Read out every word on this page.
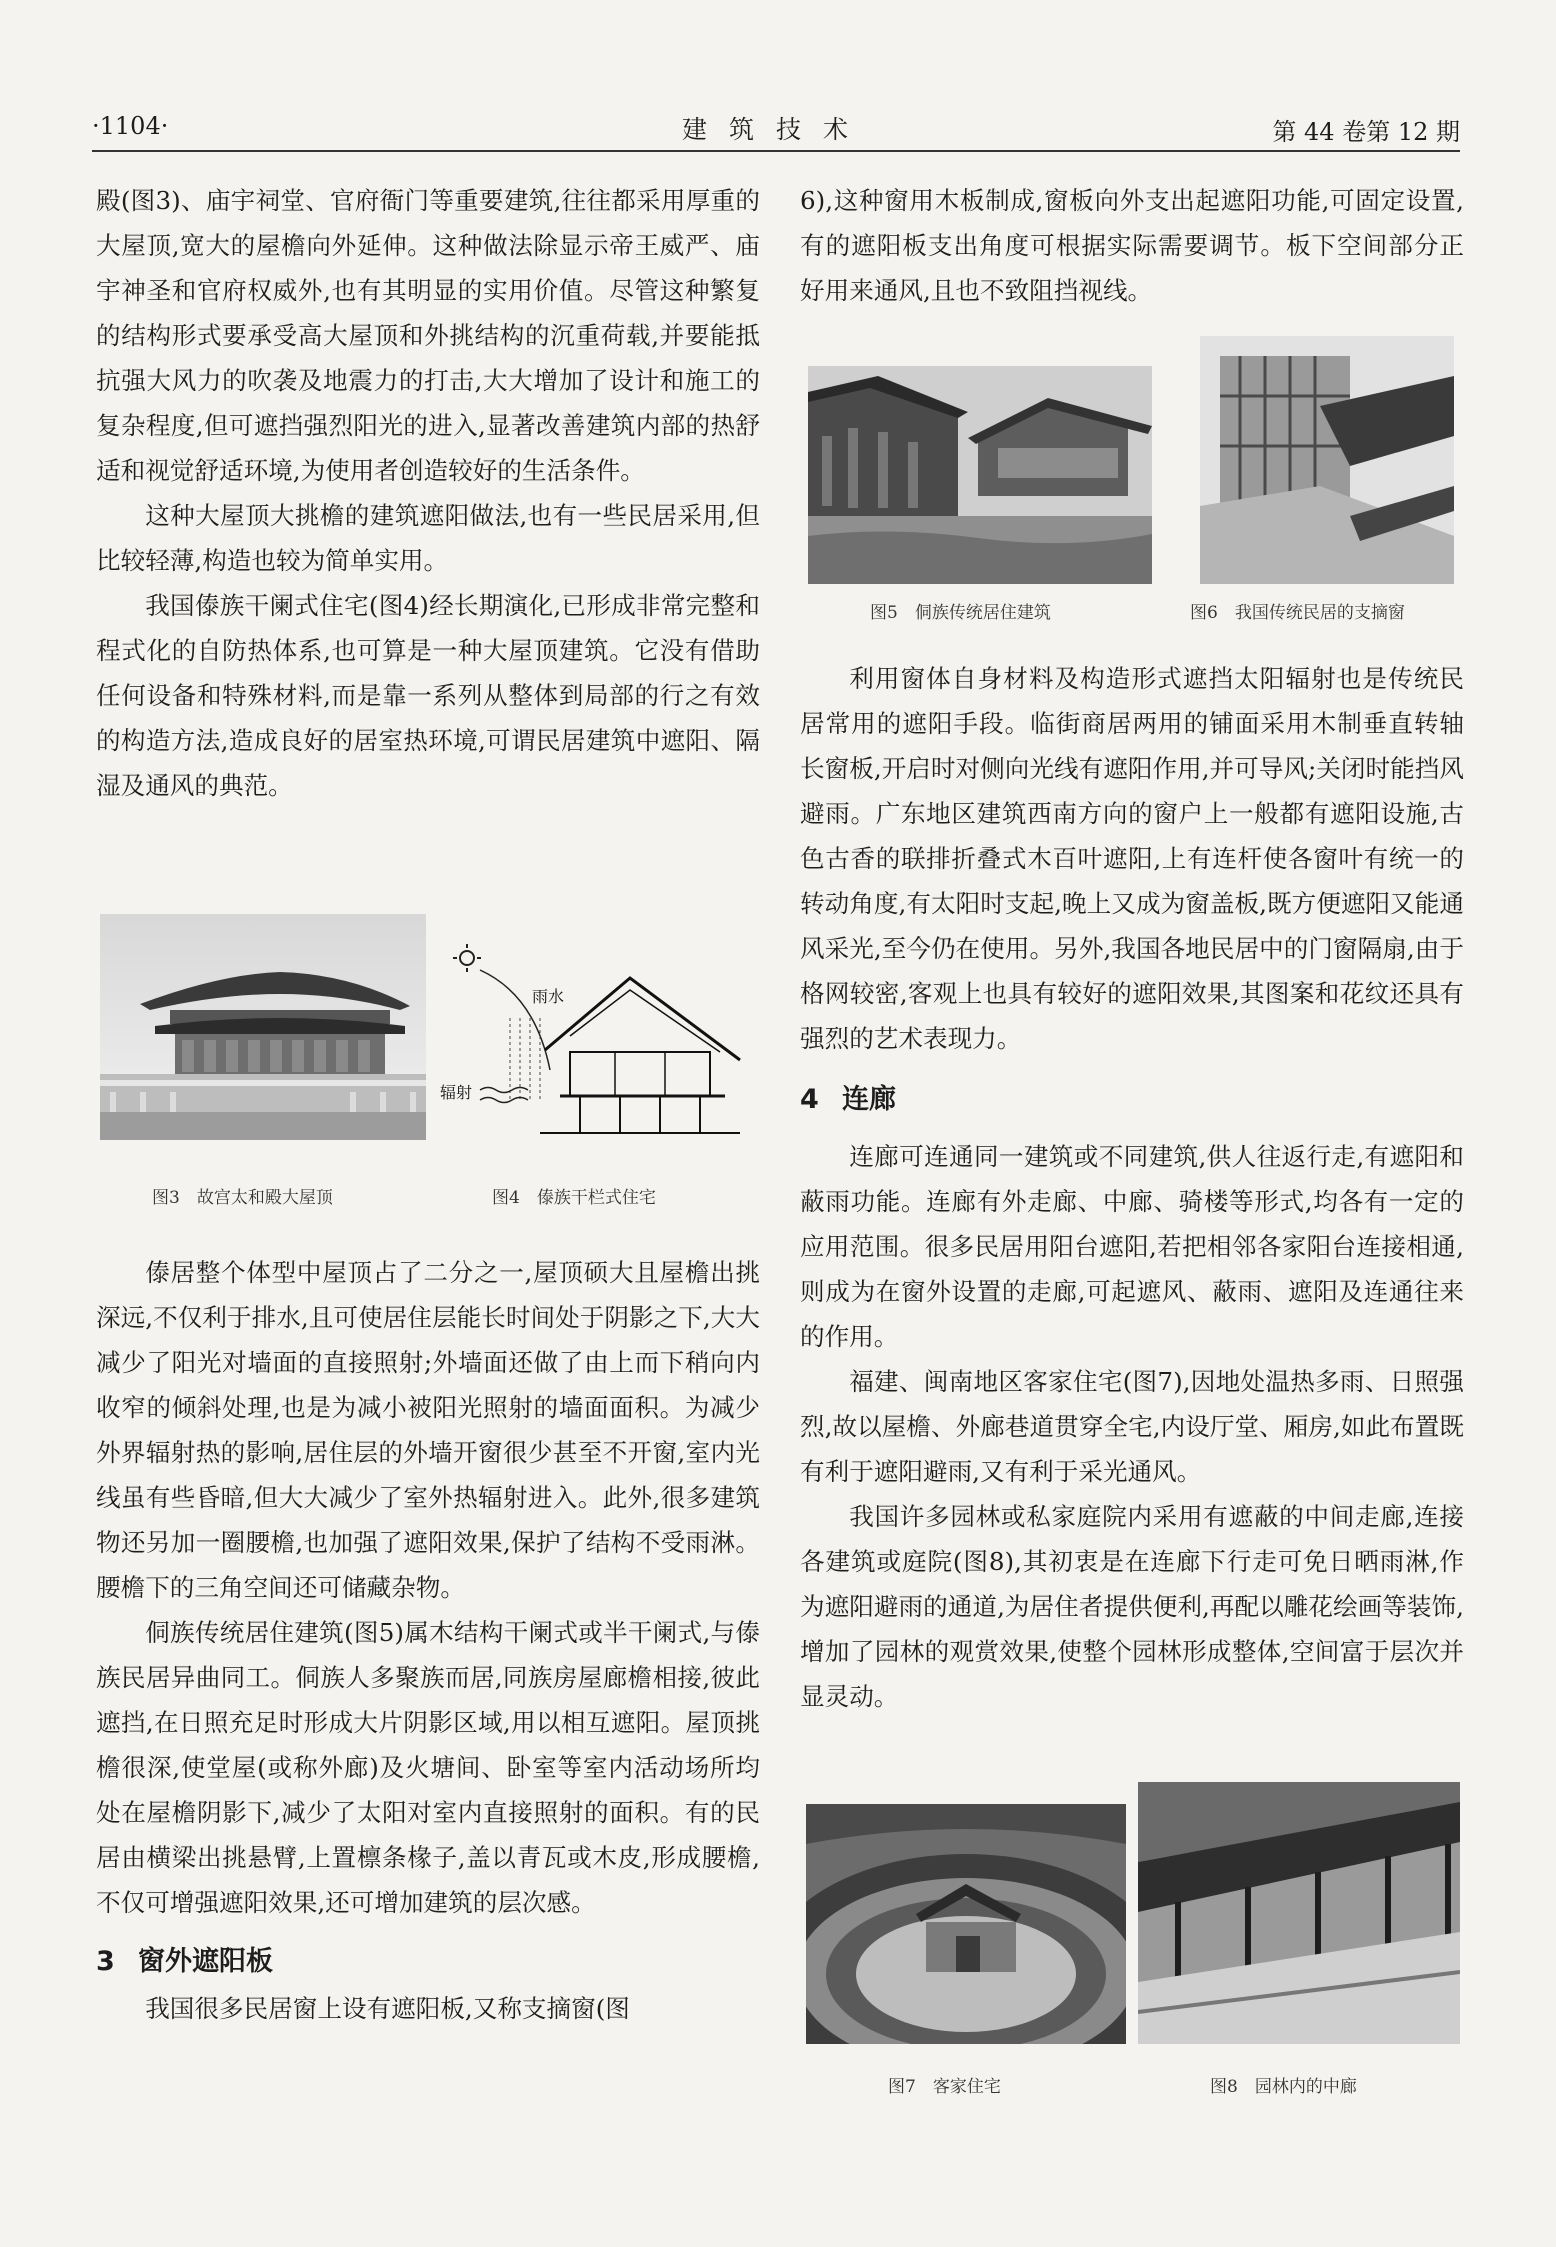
·1104·	建筑技术	第 44 卷第 12 期

殿(图3)、庙宇祠堂、官府衙门等重要建筑,往往都采用厚重的大屋顶,宽大的屋檐向外延伸。这种做法除显示帝王威严、庙宇神圣和官府权威外,也有其明显的实用价值。尽管这种繁复的结构形式要承受高大屋顶和外挑结构的沉重荷载,并要能抵抗强大风力的吹袭及地震力的打击,大大增加了设计和施工的复杂程度,但可遮挡强烈阳光的进入,显著改善建筑内部的热舒适和视觉舒适环境,为使用者创造较好的生活条件。

这种大屋顶大挑檐的建筑遮阳做法,也有一些民居采用,但比较轻薄,构造也较为简单实用。

我国傣族干阑式住宅(图4)经长期演化,已形成非常完整和程式化的自防热体系,也可算是一种大屋顶建筑。它没有借助任何设备和特殊材料,而是靠一系列从整体到局部的行之有效的构造方法,造成良好的居室热环境,可谓民居建筑中遮阳、隔湿及通风的典范。

雨水
辐射
图3　故宫太和殿大屋顶	图4　傣族干栏式住宅

傣居整个体型中屋顶占了二分之一,屋顶硕大且屋檐出挑深远,不仅利于排水,且可使居住层能长时间处于阴影之下,大大减少了阳光对墙面的直接照射;外墙面还做了由上而下稍向内收窄的倾斜处理,也是为减小被阳光照射的墙面面积。为减少外界辐射热的影响,居住层的外墙开窗很少甚至不开窗,室内光线虽有些昏暗,但大大减少了室外热辐射进入。此外,很多建筑物还另加一圈腰檐,也加强了遮阳效果,保护了结构不受雨淋。腰檐下的三角空间还可储藏杂物。

侗族传统居住建筑(图5)属木结构干阑式或半干阑式,与傣族民居异曲同工。侗族人多聚族而居,同族房屋廊檐相接,彼此遮挡,在日照充足时形成大片阴影区域,用以相互遮阳。屋顶挑檐很深,使堂屋(或称外廊)及火塘间、卧室等室内活动场所均处在屋檐阴影下,减少了太阳对室内直接照射的面积。有的民居由横梁出挑悬臂,上置檩条椽子,盖以青瓦或木皮,形成腰檐,不仅可增强遮阳效果,还可增加建筑的层次感。

3 窗外遮阳板

我国很多民居窗上设有遮阳板,又称支摘窗(图

6),这种窗用木板制成,窗板向外支出起遮阳功能,可固定设置,有的遮阳板支出角度可根据实际需要调节。板下空间部分正好用来通风,且也不致阻挡视线。

图5　侗族传统居住建筑	图6　我国传统民居的支摘窗

利用窗体自身材料及构造形式遮挡太阳辐射也是传统民居常用的遮阳手段。临街商居两用的铺面采用木制垂直转轴长窗板,开启时对侧向光线有遮阳作用,并可导风;关闭时能挡风避雨。广东地区建筑西南方向的窗户上一般都有遮阳设施,古色古香的联排折叠式木百叶遮阳,上有连杆使各窗叶有统一的转动角度,有太阳时支起,晚上又成为窗盖板,既方便遮阳又能通风采光,至今仍在使用。另外,我国各地民居中的门窗隔扇,由于格网较密,客观上也具有较好的遮阳效果,其图案和花纹还具有强烈的艺术表现力。

4 连廊

连廊可连通同一建筑或不同建筑,供人往返行走,有遮阳和蔽雨功能。连廊有外走廊、中廊、骑楼等形式,均各有一定的应用范围。很多民居用阳台遮阳,若把相邻各家阳台连接相通,则成为在窗外设置的走廊,可起遮风、蔽雨、遮阳及连通往来的作用。

福建、闽南地区客家住宅(图7),因地处温热多雨、日照强烈,故以屋檐、外廊巷道贯穿全宅,内设厅堂、厢房,如此布置既有利于遮阳避雨,又有利于采光通风。

我国许多园林或私家庭院内采用有遮蔽的中间走廊,连接各建筑或庭院(图8),其初衷是在连廊下行走可免日晒雨淋,作为遮阳避雨的通道,为居住者提供便利,再配以雕花绘画等装饰,增加了园林的观赏效果,使整个园林形成整体,空间富于层次并显灵动。

图7　客家住宅	图8　园林内的中廊
